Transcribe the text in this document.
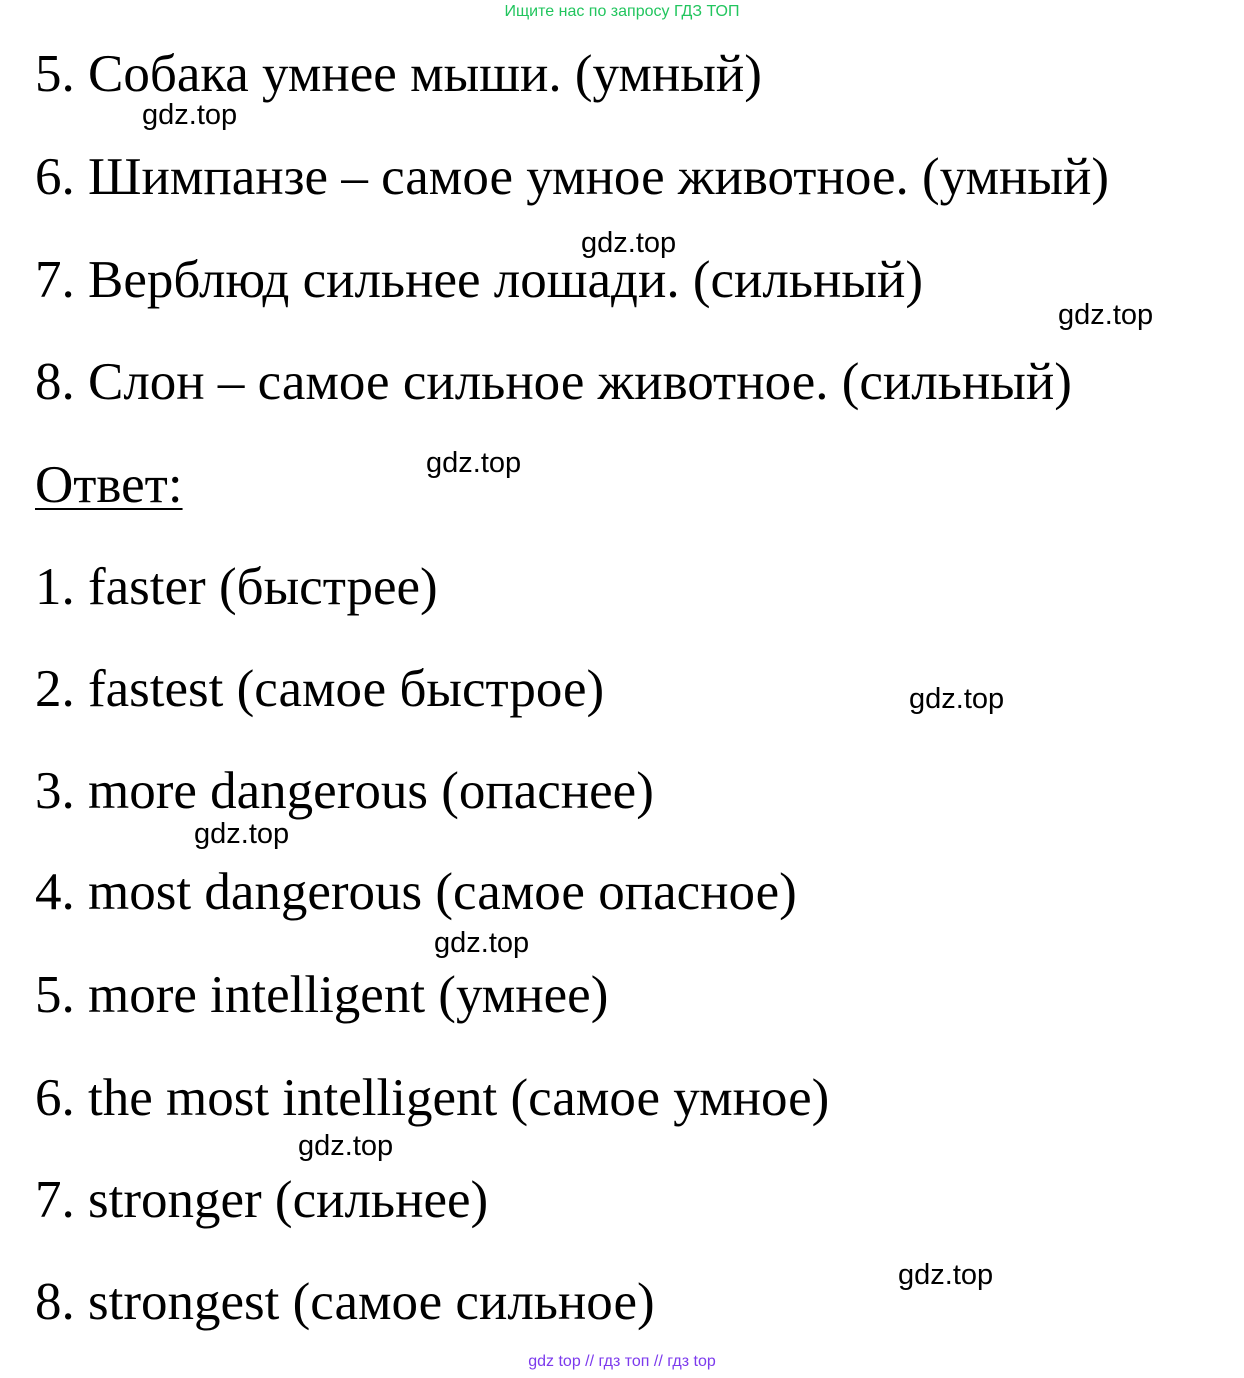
Ищите нас по запросу ГДЗ ТОП
5. Собака умнее мыши. (умный)
6. Шимпанзе – самое умное животное. (умный)
7. Верблюд сильнее лошади. (сильный)
8. Слон – самое сильное животное. (сильный)
Ответ:
1. faster (быстрее)
2. fastest (самое быстрое)
3. more dangerous (опаснее)
4. most dangerous (самое опасное)
5. more intelligent (умнее)
6. the most intelligent (самое умное)
7. stronger (сильнее)
8. strongest (самое сильное)
gdz.top
gdz.top
gdz.top
gdz.top
gdz.top
gdz.top
gdz.top
gdz.top
gdz.top
gdz top // гдз топ // гдз top
